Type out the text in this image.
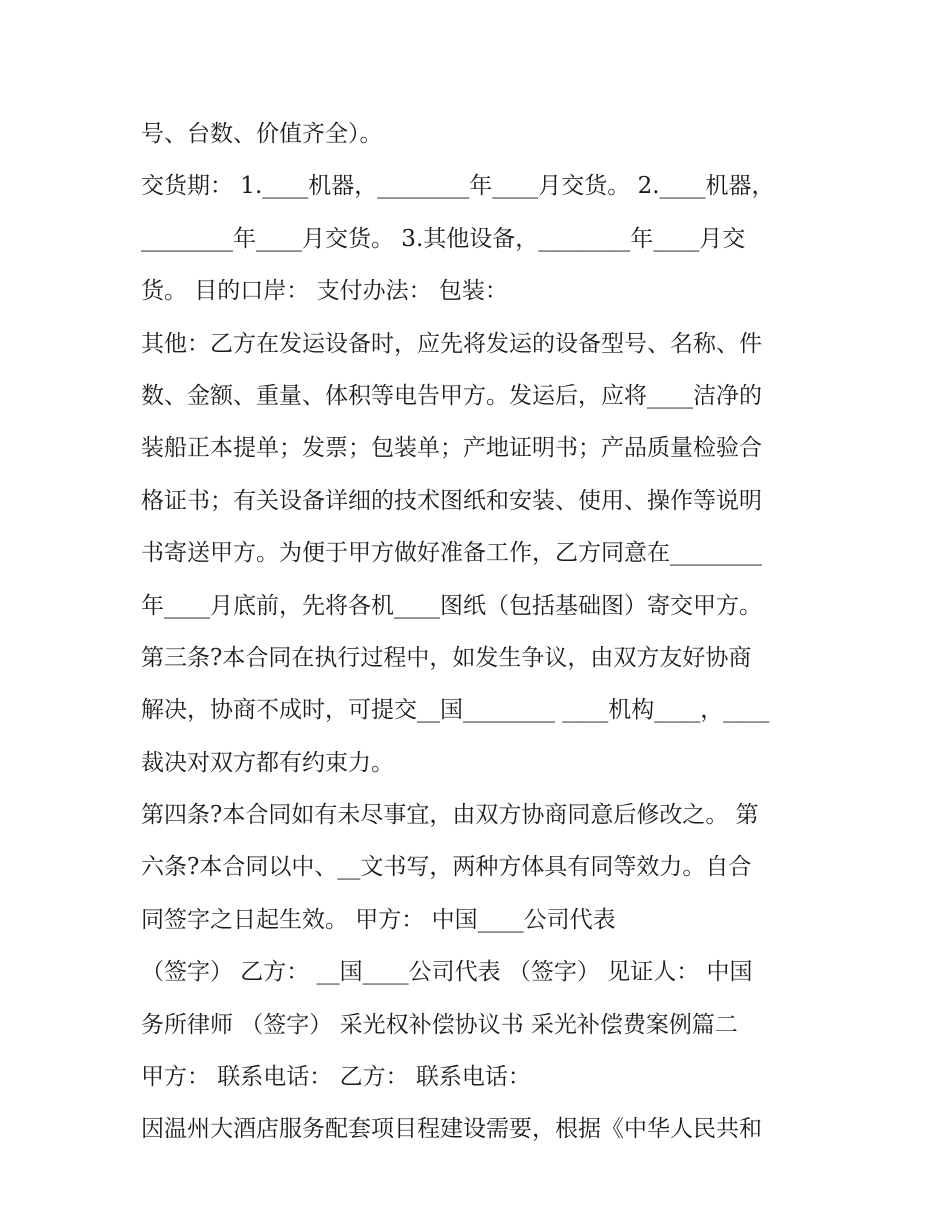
号、台数、价值齐全）。
交货期： 1.____机器，________年____月交货。 2.____机器，
________年____月交货。 3.其他设备，________年____月交
货。 目的口岸： 支付办法： 包装：
其他：乙方在发运设备时，应先将发运的设备型号、名称、件
数、金额、重量、体积等电告甲方。发运后，应将____洁净的
装船正本提单；发票；包装单；产地证明书；产品质量检验合
格证书；有关设备详细的技术图纸和安装、使用、操作等说明
书寄送甲方。为便于甲方做好准备工作，乙方同意在________
年____月底前，先将各机____图纸（包括基础图）寄交甲方。
第三条?本合同在执行过程中，如发生争议，由双方友好协商
解决，协商不成时，可提交__国________ ____机构____，____
裁决对双方都有约束力。
第四条?本合同如有未尽事宜，由双方协商同意后修改之。 第
六条?本合同以中、__文书写，两种方体具有同等效力。自合
同签字之日起生效。 甲方： 中国____公司代表
（签字） 乙方： __国____公司代表 （签字） 见证人： 中国
务所律师 （签字） 采光权补偿协议书 采光补偿费案例篇二
甲方： 联系电话： 乙方： 联系电话：
因温州大酒店服务配套项目程建设需要，根据《中华人民共和
